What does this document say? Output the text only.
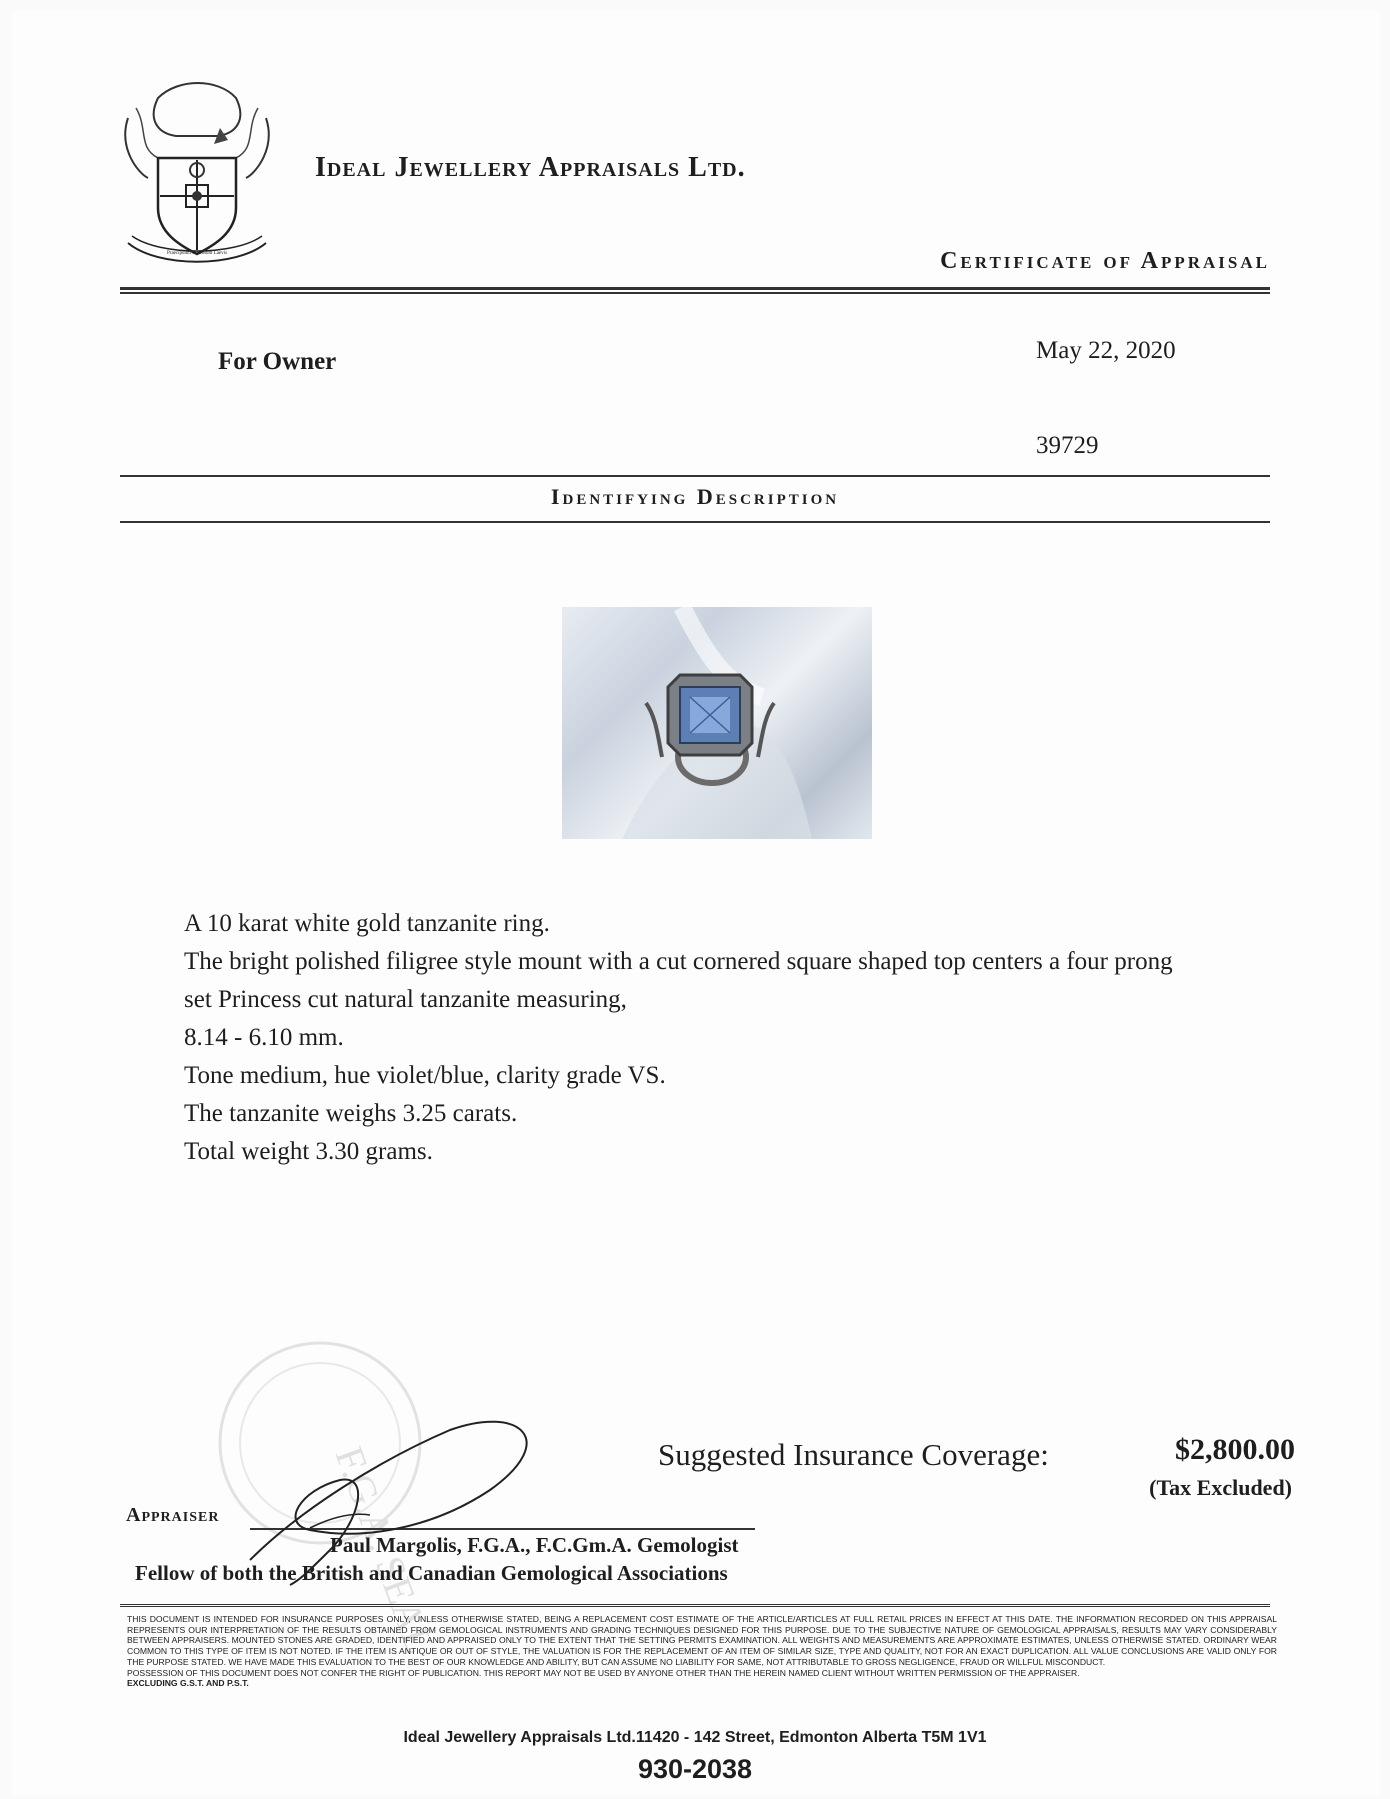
Praecipuum Pretiosum Laevis
Ideal Jewellery Appraisals Ltd.
Certificate of Appraisal
For Owner	May 22, 2020
39729
Identifying Description
A 10 karat white gold tanzanite ring.
The bright polished filigree style mount with a cut cornered square shaped top centers a four prong
set Princess cut natural tanzanite measuring,
8.14 - 6.10 mm.
Tone medium, hue violet/blue, clarity grade VS.
The tanzanite weighs 3.25 carats.
Total weight 3.30 grams.
F.G.A. SEAL	Suggested Insurance Coverage:	$2,800.00
(Tax Excluded)
Appraiser
Paul Margolis, F.G.A., F.C.Gm.A. Gemologist
Fellow of both the British and Canadian Gemological Associations
THIS DOCUMENT IS INTENDED FOR INSURANCE PURPOSES ONLY, UNLESS OTHERWISE STATED, BEING A REPLACEMENT COST ESTIMATE OF THE ARTICLE/ARTICLES AT FULL RETAIL PRICES IN EFFECT AT THIS DATE. THE INFORMATION RECORDED ON THIS APPRAISAL REPRESENTS OUR INTERPRETATION OF THE RESULTS OBTAINED FROM GEMOLOGICAL INSTRUMENTS AND GRADING TECHNIQUES DESIGNED FOR THIS PURPOSE. DUE TO THE SUBJECTIVE NATURE OF GEMOLOGICAL APPRAISALS, RESULTS MAY VARY CONSIDERABLY BETWEEN APPRAISERS. MOUNTED STONES ARE GRADED, IDENTIFIED AND APPRAISED ONLY TO THE EXTENT THAT THE SETTING PERMITS EXAMINATION. ALL WEIGHTS AND MEASUREMENTS ARE APPROXIMATE ESTIMATES, UNLESS OTHERWISE STATED. ORDINARY WEAR COMMON TO THIS TYPE OF ITEM IS NOT NOTED. IF THE ITEM IS ANTIQUE OR OUT OF STYLE, THE VALUATION IS FOR THE REPLACEMENT OF AN ITEM OF SIMILAR SIZE, TYPE AND QUALITY, NOT FOR AN EXACT DUPLICATION. ALL VALUE CONCLUSIONS ARE VALID ONLY FOR THE PURPOSE STATED. WE HAVE MADE THIS EVALUATION TO THE BEST OF OUR KNOWLEDGE AND ABILITY, BUT CAN ASSUME NO LIABILITY FOR SAME, NOT ATTRIBUTABLE TO GROSS NEGLIGENCE, FRAUD OR WILLFUL MISCONDUCT.
POSSESSION OF THIS DOCUMENT DOES NOT CONFER THE RIGHT OF PUBLICATION. THIS REPORT MAY NOT BE USED BY ANYONE OTHER THAN THE HEREIN NAMED CLIENT WITHOUT WRITTEN PERMISSION OF THE APPRAISER.
EXCLUDING G.S.T. AND P.S.T.
Ideal Jewellery Appraisals Ltd.11420 - 142 Street, Edmonton Alberta T5M 1V1
930-2038
